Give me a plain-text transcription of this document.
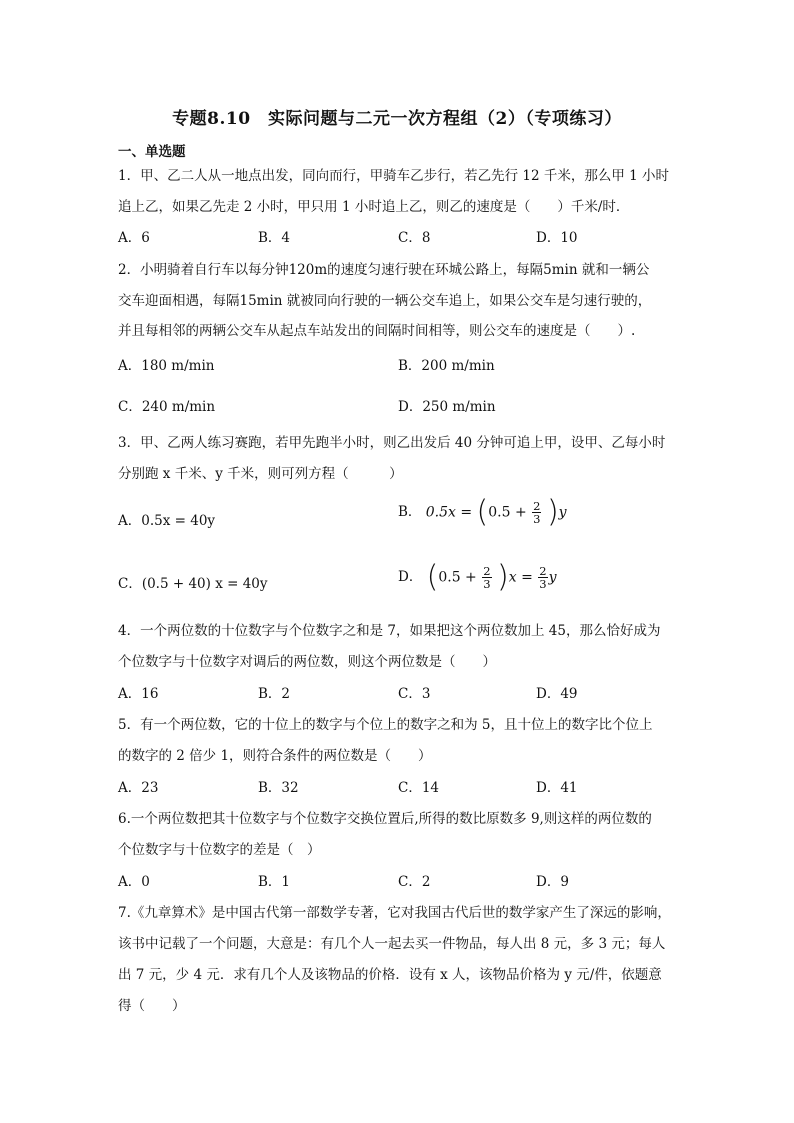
专题8.10　实际问题与二元一次方程组（2）（专项练习）
一、单选题
1．甲、乙二人从一地点出发，同向而行，甲骑车乙步行，若乙先行 12 千米，那么甲 1 小时
追上乙，如果乙先走 2 小时，甲只用 1 小时追上乙，则乙的速度是（　　）千米/时．
A．6	B．4	C．8	D．10
2．小明骑着自行车以每分钟120m的速度匀速行驶在环城公路上，每隔5min 就和一辆公
交车迎面相遇，每隔15min 就被同向行驶的一辆公交车追上，如果公交车是匀速行驶的，
并且每相邻的两辆公交车从起点车站发出的间隔时间相等，则公交车的速度是（　　）.
A．180 m/min	B．200 m/min
C．240 m/min	D．250 m/min
3．甲、乙两人练习赛跑，若甲先跑半小时，则乙出发后 40 分钟可追上甲，设甲、乙每小时
分别跑 x 千米、y 千米，则可列方程（　　　）
A．0.5x = 40y
B． $0.5x = (0.5 + \frac{2}{3} )y$
C．(0.5 + 40) x = 40y	D． $(0.5 + \frac{2}{3} )x = \frac{2}{3}$ y
4．一个两位数的十位数字与个位数字之和是 7，如果把这个两位数加上 45，那么恰好成为
个位数字与十位数字对调后的两位数，则这个两位数是（　　）
A．16	B．2	C．3	D．49
5．有一个两位数，它的十位上的数字与个位上的数字之和为 5，且十位上的数字比个位上
的数字的 2 倍少 1，则符合条件的两位数是（　　）
A．23	B．32	C．14	D．41
6.一个两位数把其十位数字与个位数字交换位置后,所得的数比原数多 9,则这样的两位数的
个位数字与十位数字的差是（　）
A．0	B．1	C．2	D．9
7.《九章算术》是中国古代第一部数学专著，它对我国古代后世的数学家产生了深远的影响，
该书中记载了一个问题，大意是：有几个人一起去买一件物品，每人出 8 元，多 3 元；每人
出 7 元，少 4 元．求有几个人及该物品的价格．设有 x 人，该物品价格为 y 元/件，依题意
得（　　）
